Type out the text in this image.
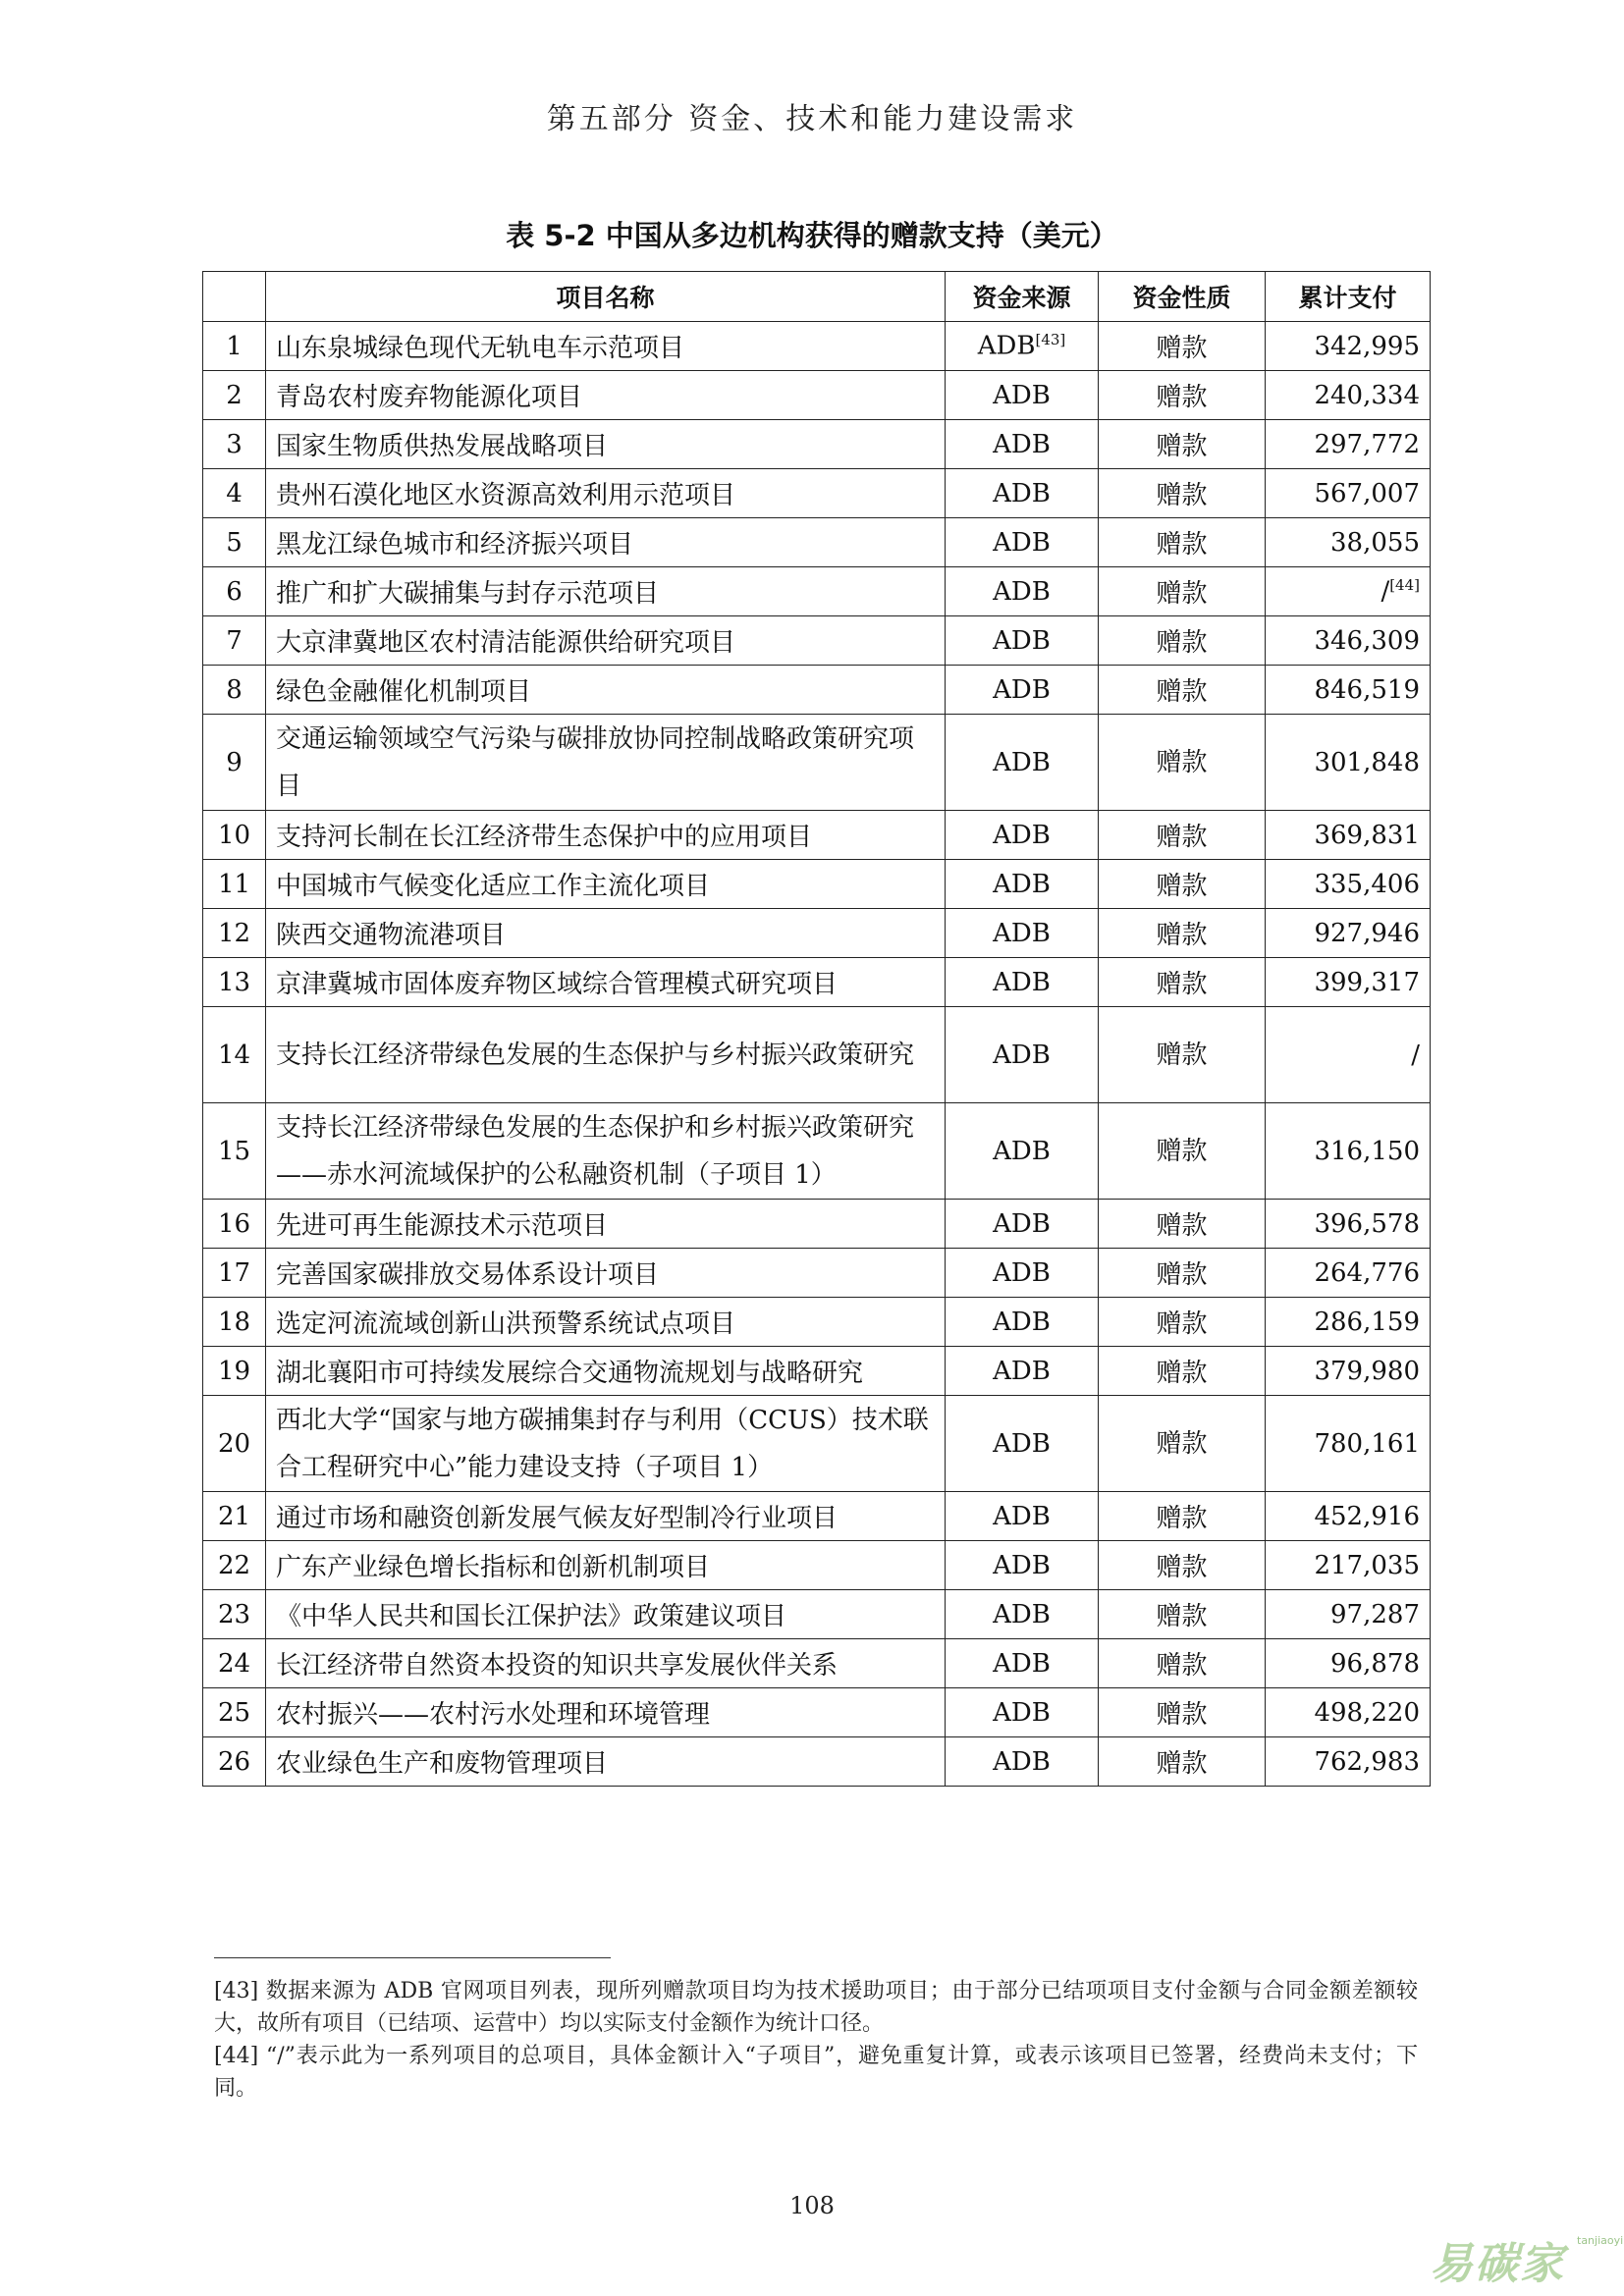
第五部分 资金、技术和能力建设需求
表 5-2 中国从多边机构获得的赠款支持（美元）
	项目名称	资金来源	资金性质	累计支付
1	山东泉城绿色现代无轨电车示范项目	ADB[43]	赠款	342,995
2	青岛农村废弃物能源化项目	ADB	赠款	240,334
3	国家生物质供热发展战略项目	ADB	赠款	297,772
4	贵州石漠化地区水资源高效利用示范项目	ADB	赠款	567,007
5	黑龙江绿色城市和经济振兴项目	ADB	赠款	38,055
6	推广和扩大碳捕集与封存示范项目	ADB	赠款	/[44]
7	大京津冀地区农村清洁能源供给研究项目	ADB	赠款	346,309
8	绿色金融催化机制项目	ADB	赠款	846,519
9	交通运输领域空气污染与碳排放协同控制战略政策研究项目	ADB	赠款	301,848
10	支持河长制在长江经济带生态保护中的应用项目	ADB	赠款	369,831
11	中国城市气候变化适应工作主流化项目	ADB	赠款	335,406
12	陕西交通物流港项目	ADB	赠款	927,946
13	京津冀城市固体废弃物区域综合管理模式研究项目	ADB	赠款	399,317
14	支持长江经济带绿色发展的生态保护与乡村振兴政策研究	ADB	赠款	/
15	支持长江经济带绿色发展的生态保护和乡村振兴政策研究——赤水河流域保护的公私融资机制（子项目 1）	ADB	赠款	316,150
16	先进可再生能源技术示范项目	ADB	赠款	396,578
17	完善国家碳排放交易体系设计项目	ADB	赠款	264,776
18	选定河流流域创新山洪预警系统试点项目	ADB	赠款	286,159
19	湖北襄阳市可持续发展综合交通物流规划与战略研究	ADB	赠款	379,980
20	西北大学“国家与地方碳捕集封存与利用（CCUS）技术联合工程研究中心”能力建设支持（子项目 1）	ADB	赠款	780,161
21	通过市场和融资创新发展气候友好型制冷行业项目	ADB	赠款	452,916
22	广东产业绿色增长指标和创新机制项目	ADB	赠款	217,035
23	《中华人民共和国长江保护法》政策建议项目	ADB	赠款	97,287
24	长江经济带自然资本投资的知识共享发展伙伴关系	ADB	赠款	96,878
25	农村振兴——农村污水处理和环境管理	ADB	赠款	498,220
26	农业绿色生产和废物管理项目	ADB	赠款	762,983

[43] 数据来源为 ADB 官网项目列表，现所列赠款项目均为技术援助项目；由于部分已结项项目支付金额与合同金额差额较大，故所有项目（已结项、运营中）均以实际支付金额作为统计口径。

[44] “/”表示此为一系列项目的总项目，具体金额计入“子项目”，避免重复计算，或表示该项目已签署，经费尚未支付；下同。

108
易碳家 tanjiaoyi
